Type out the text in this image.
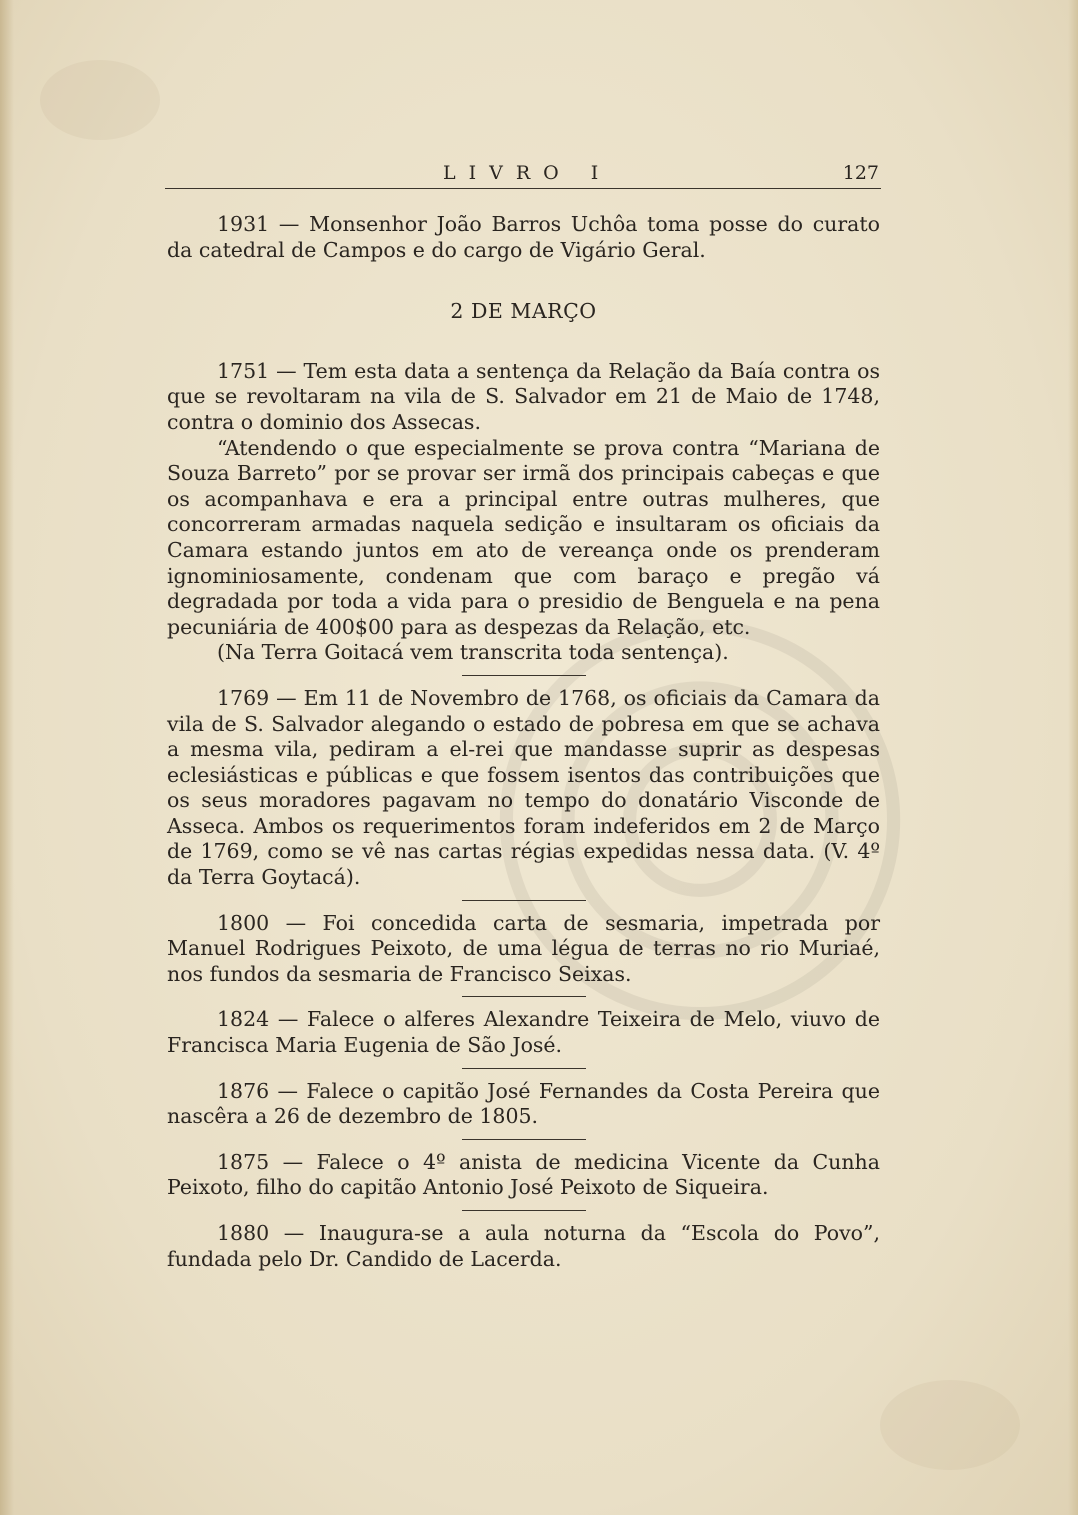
LIVRO I	127

1931 — Monsenhor João Barros Uchôa toma posse do curato da catedral de Campos e do cargo de Vigário Geral.

2 DE MARÇO

1751 — Tem esta data a sentença da Relação da Baía contra os que se revoltaram na vila de S. Salvador em 21 de Maio de 1748, contra o dominio dos Assecas.

“Atendendo o que especialmente se prova contra “Mariana de Souza Barreto” por se provar ser irmã dos principais cabeças e que os acompanhava e era a principal entre outras mulheres, que concorreram armadas naquela sedição e insultaram os oficiais da Camara estando juntos em ato de vereança onde os prenderam ignominiosamente, condenam que com baraço e pregão vá degradada por toda a vida para o presidio de Benguela e na pena pecuniária de 400$00 para as despezas da Relação, etc.

(Na Terra Goitacá vem transcrita toda sentença).

1769 — Em 11 de Novembro de 1768, os oficiais da Camara da vila de S. Salvador alegando o estado de pobresa em que se achava a mesma vila, pediram a el-rei que mandasse suprir as despesas eclesiásticas e públicas e que fossem isentos das contribuições que os seus moradores pagavam no tempo do donatário Visconde de Asseca. Ambos os requerimentos foram indeferidos em 2 de Março de 1769, como se vê nas cartas régias expedidas nessa data. (V. 4º da Terra Goytacá).

1800 — Foi concedida carta de sesmaria, impetrada por Manuel Rodrigues Peixoto, de uma légua de terras no rio Muriaé, nos fundos da sesmaria de Francisco Seixas.

1824 — Falece o alferes Alexandre Teixeira de Melo, viuvo de Francisca Maria Eugenia de São José.

1876 — Falece o capitão José Fernandes da Costa Pereira que nascêra a 26 de dezembro de 1805.

1875 — Falece o 4º anista de medicina Vicente da Cunha Peixoto, filho do capitão Antonio José Peixoto de Siqueira.

1880 — Inaugura-se a aula noturna da “Escola do Povo”, fundada pelo Dr. Candido de Lacerda.
